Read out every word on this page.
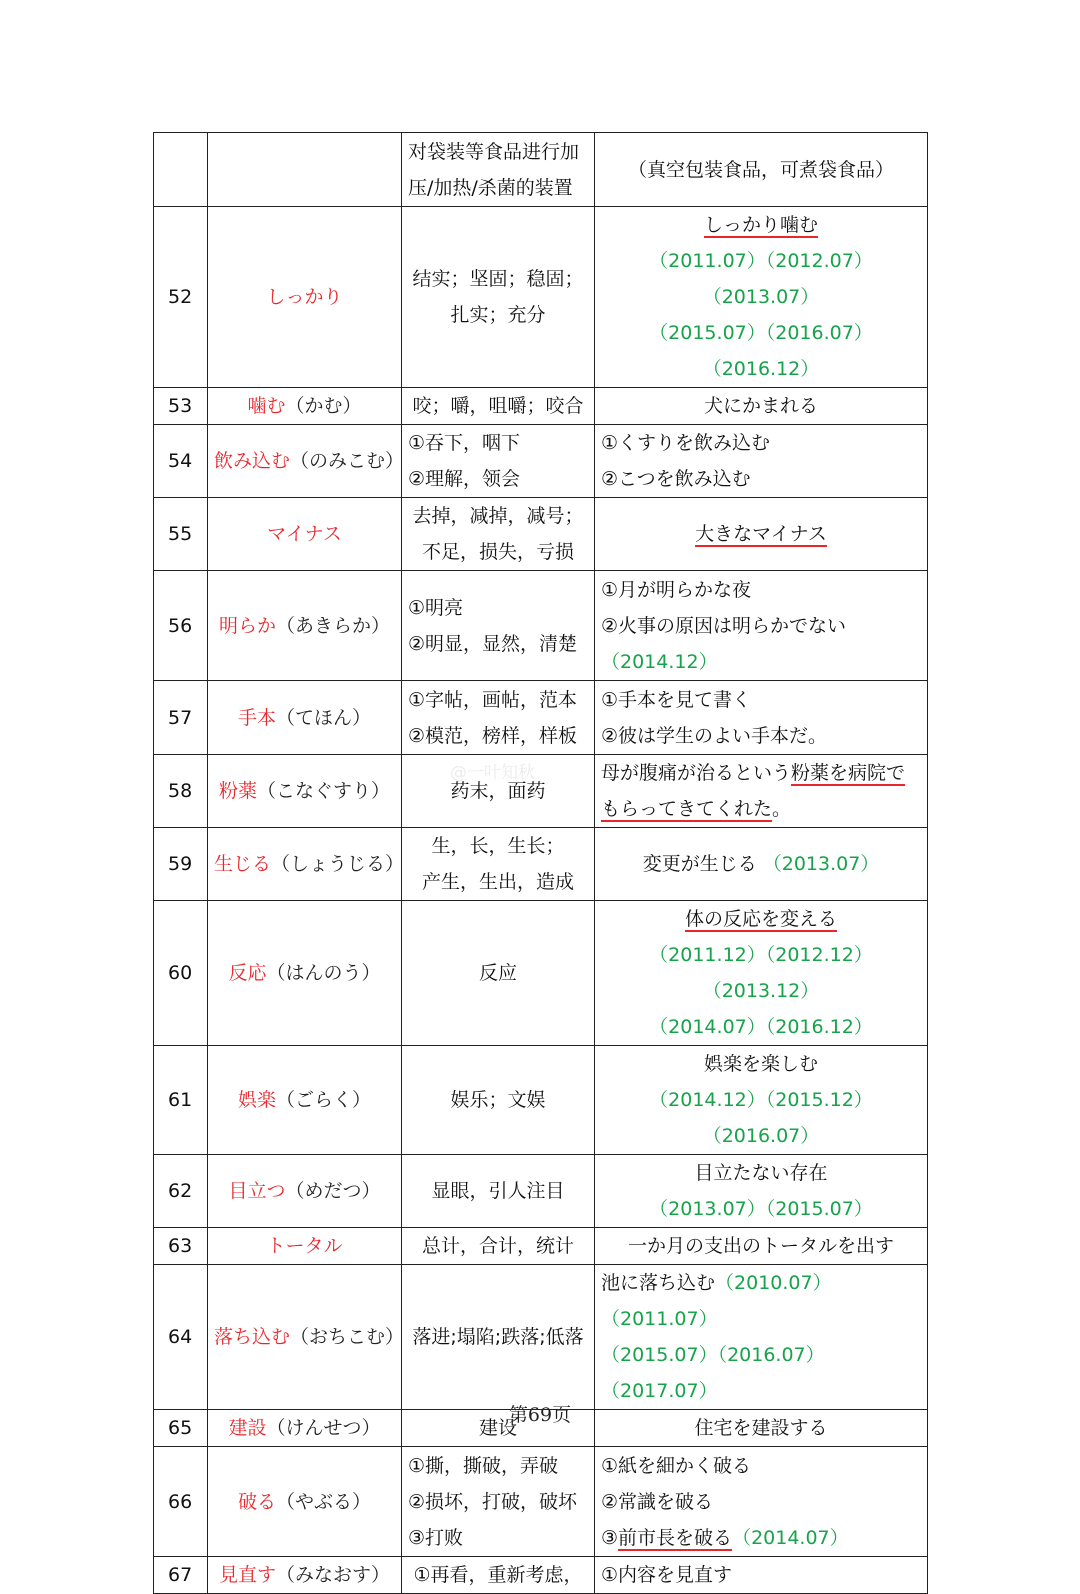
		对袋装等食品进行加
压/加热/杀菌的装置	（真空包装食品，可煮袋食品）

52	しっかり	结实；坚固；稳固；
扎实；充分	しっかり噛む
（2011.07）（2012.07）（2013.07）
（2015.07）（2016.07）（2016.12）

53	噛む（かむ）	咬；嚼，咀嚼；咬合	犬にかまれる

54	飲み込む（のみこむ）	①吞下，咽下
②理解，领会	①くすりを飲み込む
②こつを飲み込む

55	マイナス	去掉，减掉，减号；
不足，损失，亏损	大きなマイナス

56	明らか（あきらか）	①明亮
②明显，显然，清楚	①月が明らかな夜
②火事の原因は明らかでない
（2014.12）

57	手本（てほん）	①字帖，画帖，范本
②模范，榜样，样板	①手本を見て書く
②彼は学生のよい手本だ。

58	粉薬（こなぐすり）	药末，面药	母が腹痛が治るという粉薬を病院で
もらってきてくれた。

59	生じる（しょうじる）	生，长，生长；
产生，生出，造成	変更が生じる （2013.07）

60	反応（はんのう）	反应	体の反応を変える
（2011.12）（2012.12）（2013.12）
（2014.07）（2016.12）

61	娯楽（ごらく）	娱乐；文娱	娯楽を楽しむ
（2014.12）（2015.12）（2016.07）

62	目立つ（めだつ）	显眼，引人注目	目立たない存在
（2013.07）（2015.07）

63	トータル	总计，合计，统计	一か月の支出のトータルを出す

64	落ち込む（おちこむ）	落进;塌陷;跌落;低落	池に落ち込む（2010.07）（2011.07）
（2015.07）（2016.07）（2017.07）

65	建設（けんせつ）	建设	住宅を建設する

66	破る（やぶる）	①撕，撕破，弄破
②损坏，打破，破坏
③打败	①紙を細かく破る
②常識を破る
③前市長を破る（2014.07）

67	見直す（みなおす）	①再看，重新考虑，	①内容を見直す
@一叶知秋
第69页
